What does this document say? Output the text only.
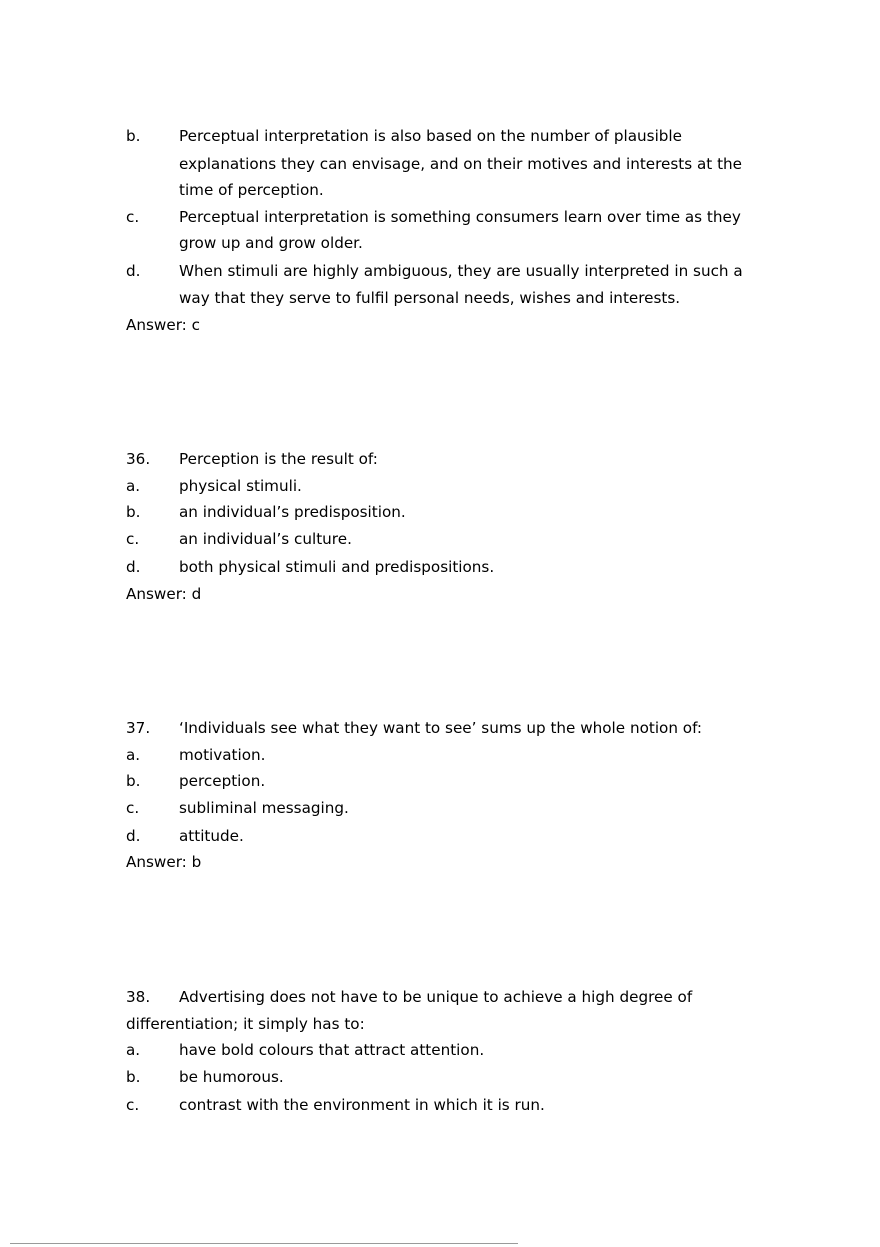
b.	Perceptual interpretation is also based on the number of plausible
explanations they can envisage, and on their motives and interests at the
time of perception.
c.	Perceptual interpretation is something consumers learn over time as they
grow up and grow older.
d.	When stimuli are highly ambiguous, they are usually interpreted in such a
way that they serve to fulfil personal needs, wishes and interests.
Answer: c
36. Perception is the result of:
a.	physical stimuli.
b.	an individual’s predisposition.
c.	an individual’s culture.
d.	both physical stimuli and predispositions.
Answer: d
37. ‘Individuals see what they want to see’ sums up the whole notion of:
a.	motivation.
b.	perception.
c.	subliminal messaging.
d.	attitude.
Answer: b
38. Advertising does not have to be unique to achieve a high degree of
differentiation; it simply has to:
a.	have bold colours that attract attention.
b.	be humorous.
c.	contrast with the environment in which it is run.
